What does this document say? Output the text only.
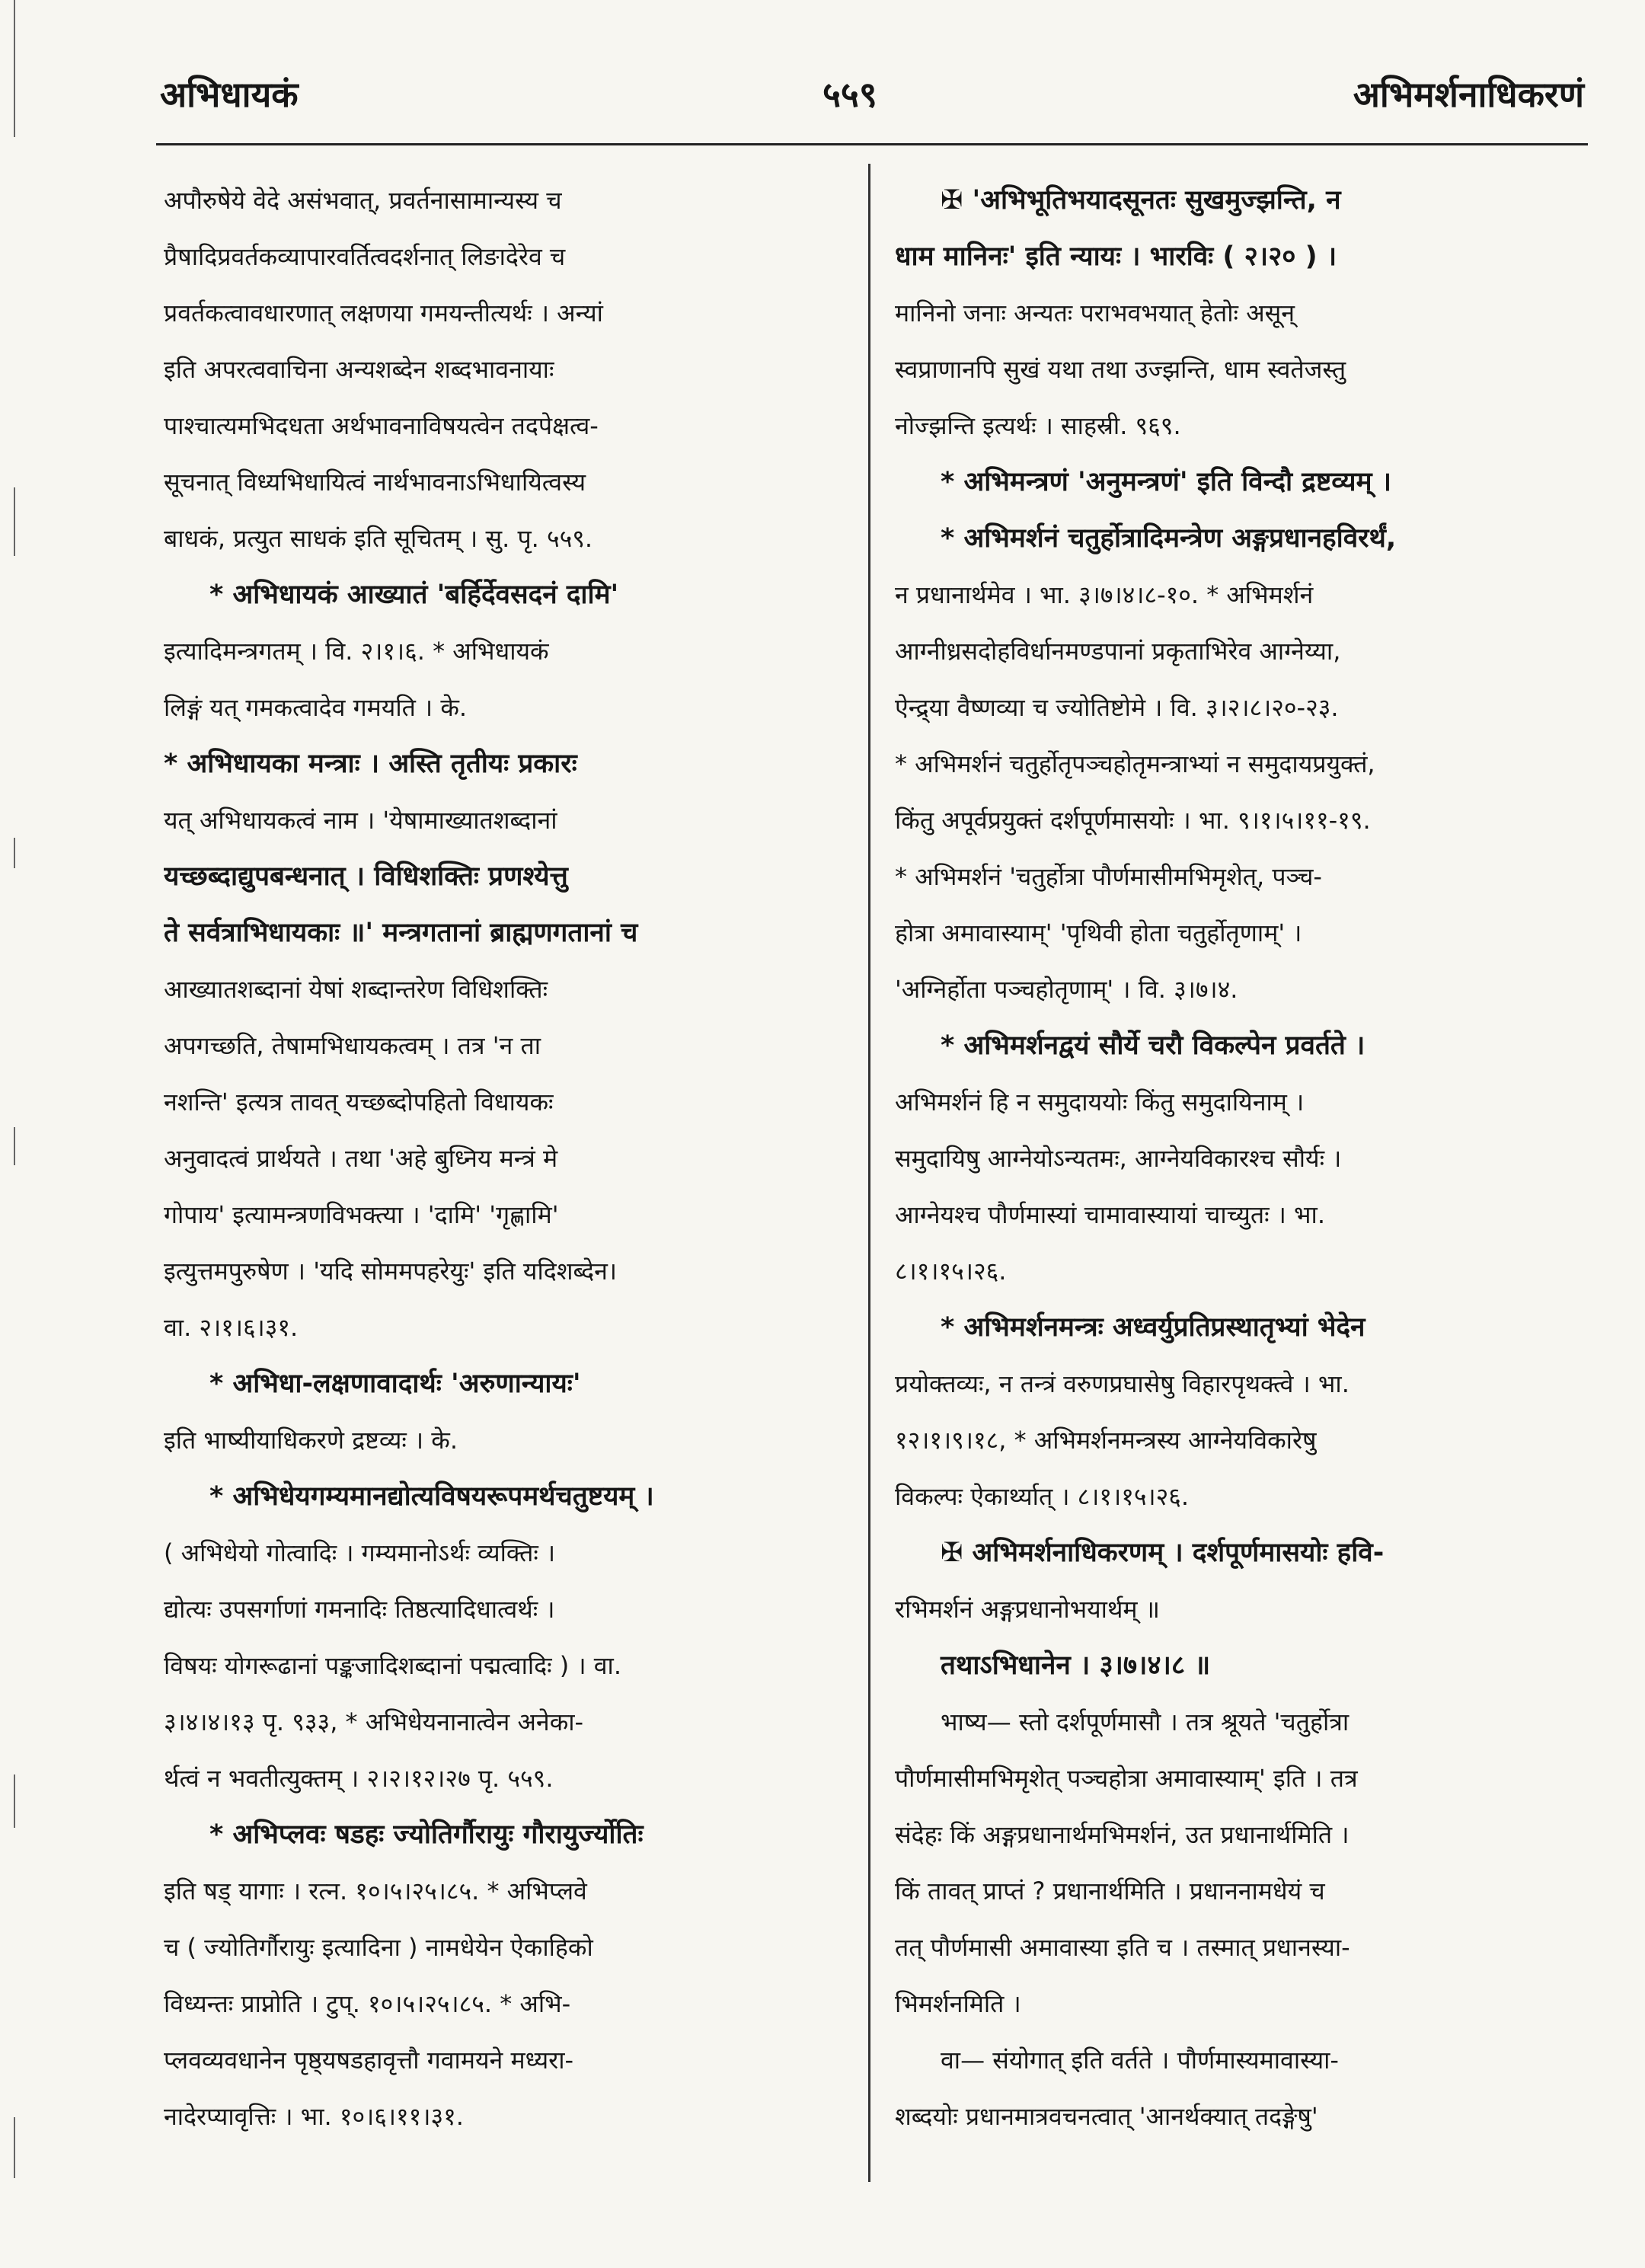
अभिधायकं	५५९	अभिमर्शनाधिकरणं
अपौरुषेये वेदे असंभवात्, प्रवर्तनासामान्यस्य च
प्रैषादिप्रवर्तकव्यापारवर्तित्वदर्शनात् लिङादेरेव च
प्रवर्तकत्वावधारणात् लक्षणया गमयन्तीत्यर्थः । अन्यां
इति अपरत्ववाचिना अन्यशब्देन शब्दभावनायाः
पाश्चात्यमभिदधता अर्थभावनाविषयत्वेन तदपेक्षत्व-
सूचनात् विध्यभिधायित्वं नार्थभावनाऽभिधायित्वस्य
बाधकं, प्रत्युत साधकं इति सूचितम् । सु. पृ. ५५९.
* अभिधायकं आख्यातं 'बर्हिर्देवसदनं दामि'
इत्यादिमन्त्रगतम् । वि. २।१।६. * अभिधायकं
लिङ्गं यत् गमकत्वादेव गमयति । के.
* अभिधायका मन्त्राः । अस्ति तृतीयः प्रकारः
यत् अभिधायकत्वं नाम । 'येषामाख्यातशब्दानां
यच्छब्दाद्युपबन्धनात् । विधिशक्तिः प्रणश्येत्तु
ते सर्वत्राभिधायकाः ॥' मन्त्रगतानां ब्राह्मणगतानां च
आख्यातशब्दानां येषां शब्दान्तरेण विधिशक्तिः
अपगच्छति, तेषामभिधायकत्वम् । तत्र 'न ता
नशन्ति' इत्यत्र तावत् यच्छब्दोपहितो विधायकः
अनुवादत्वं प्रार्थयते । तथा 'अहे बुध्निय मन्त्रं मे
गोपाय' इत्यामन्त्रणविभक्त्या । 'दामि' 'गृह्णामि'
इत्युत्तमपुरुषेण । 'यदि सोममपहरेयुः' इति यदिशब्देन।
वा. २।१।६।३१.
* अभिधा-लक्षणावादार्थः 'अरुणान्यायः'
इति भाष्यीयाधिकरणे द्रष्टव्यः । के.
* अभिधेयगम्यमानद्योत्यविषयरूपमर्थचतुष्टयम् ।
( अभिधेयो गोत्वादिः । गम्यमानोऽर्थः व्यक्तिः ।
द्योत्यः उपसर्गाणां गमनादिः तिष्ठत्यादिधात्वर्थः ।
विषयः योगरूढानां पङ्कजादिशब्दानां पद्मत्वादिः ) । वा.
३।४।४।१३ पृ. ९३३, * अभिधेयनानात्वेन अनेका-
र्थत्वं न भवतीत्युक्तम् । २।२।१२।२७ पृ. ५५९.
* अभिप्लवः षडहः ज्योतिर्गौरायुः गौरायुर्ज्योतिः
इति षड् यागाः । रत्न. १०।५।२५।८५. * अभिप्लवे
च ( ज्योतिर्गौरायुः इत्यादिना ) नामधेयेन ऐकाहिको
विध्यन्तः प्राप्नोति । टुप्. १०।५।२५।८५. * अभि-
प्लवव्यवधानेन पृष्ठ्यषडहावृत्तौ गवामयने मध्यरा-
नादेरप्यावृत्तिः । भा. १०।६।११।३१.
✠ 'अभिभूतिभयादसूनतः सुखमुज्झन्ति, न
धाम मानिनः' इति न्यायः । भारविः ( २।२० ) ।
मानिनो जनाः अन्यतः पराभवभयात् हेतोः असून्
स्वप्राणानपि सुखं यथा तथा उज्झन्ति, धाम स्वतेजस्तु
नोज्झन्ति इत्यर्थः । साहस्री. ९६९.
* अभिमन्त्रणं 'अनुमन्त्रणं' इति विन्दौ द्रष्टव्यम् ।
* अभिमर्शनं चतुर्होत्रादिमन्त्रेण अङ्गप्रधानहविरर्थं,
न प्रधानार्थमेव । भा. ३।७।४।८-१०. * अभिमर्शनं
आग्नीध्रसदोहविर्धानमण्डपानां प्रकृताभिरेव आग्नेय्या,
ऐन्द्र्या वैष्णव्या च ज्योतिष्टोमे । वि. ३।२।८।२०-२३.
* अभिमर्शनं चतुर्होतृपञ्चहोतृमन्त्राभ्यां न समुदायप्रयुक्तं,
किंतु अपूर्वप्रयुक्तं दर्शपूर्णमासयोः । भा. ९।१।५।११-१९.
* अभिमर्शनं 'चतुर्होत्रा पौर्णमासीमभिमृशेत्, पञ्च-
होत्रा अमावास्याम्' 'पृथिवी होता चतुर्होतृणाम्' ।
'अग्निर्होता पञ्चहोतृणाम्' । वि. ३।७।४.
* अभिमर्शनद्वयं सौर्ये चरौ विकल्पेन प्रवर्तते ।
अभिमर्शनं हि न समुदाययोः किंतु समुदायिनाम् ।
समुदायिषु आग्नेयोऽन्यतमः, आग्नेयविकारश्च सौर्यः ।
आग्नेयश्च पौर्णमास्यां चामावास्यायां चाच्युतः । भा.
८।१।१५।२६.
* अभिमर्शनमन्त्रः अध्वर्युप्रतिप्रस्थातृभ्यां भेदेन
प्रयोक्तव्यः, न तन्त्रं वरुणप्रघासेषु विहारपृथक्त्वे । भा.
१२।१।९।१८, * अभिमर्शनमन्त्रस्य आग्नेयविकारेषु
विकल्पः ऐकार्थ्यात् । ८।१।१५।२६.
✠ अभिमर्शनाधिकरणम् । दर्शपूर्णमासयोः हवि-
रभिमर्शनं अङ्गप्रधानोभयार्थम् ॥
तथाऽभिधानेन । ३।७।४।८ ॥
भाष्य— स्तो दर्शपूर्णमासौ । तत्र श्रूयते 'चतुर्होत्रा
पौर्णमासीमभिमृशेत् पञ्चहोत्रा अमावास्याम्' इति । तत्र
संदेहः किं अङ्गप्रधानार्थमभिमर्शनं, उत प्रधानार्थमिति ।
किं तावत् प्राप्तं ? प्रधानार्थमिति । प्रधाननामधेयं च
तत् पौर्णमासी अमावास्या इति च । तस्मात् प्रधानस्या-
भिमर्शनमिति ।
वा— संयोगात् इति वर्तते । पौर्णमास्यमावास्या-
शब्दयोः प्रधानमात्रवचनत्वात् 'आनर्थक्यात् तदङ्गेषु'
